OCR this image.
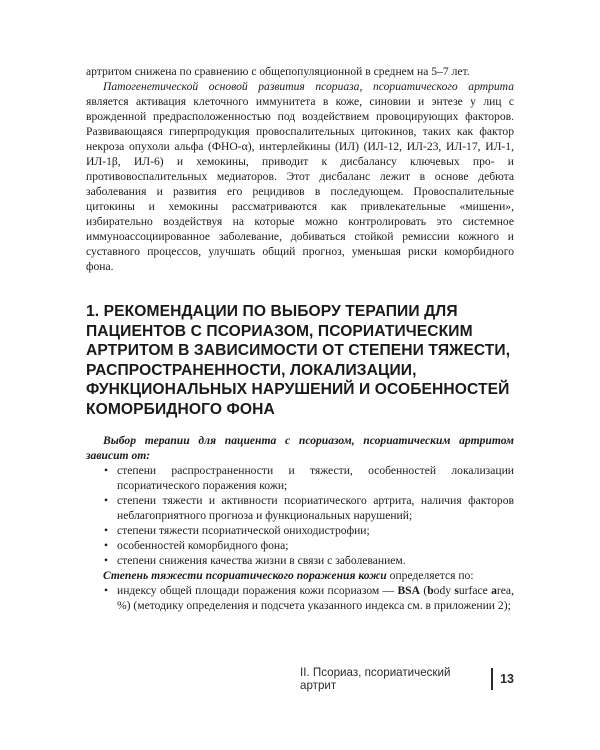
артритом снижена по сравнению с общепопуляционной в среднем на 5–7 лет.

Патогенетической основой развития псориаза, псориатического артрита является активация клеточного иммунитета в коже, синовии и энтезе у лиц с врожденной предрасположенностью под воздействием провоцирующих факторов. Развивающаяся гиперпродукция провоспалительных цитокинов, таких как фактор некроза опухоли альфа (ФНО-α), интерлейкины (ИЛ) (ИЛ-12, ИЛ-23, ИЛ-17, ИЛ-1, ИЛ-1β, ИЛ-6) и хемокины, приводит к дисбалансу ключевых про- и противовоспалительных медиаторов. Этот дисбаланс лежит в основе дебюта заболевания и развития его рецидивов в последующем. Провоспалительные цитокины и хемокины рассматриваются как привлекательные «мишени», избирательно воздействуя на которые можно контролировать это системное иммуноассоциированное заболевание, добиваться стойкой ремиссии кожного и суставного процессов, улучшать общий прогноз, уменьшая риски коморбидного фона.

1. РЕКОМЕНДАЦИИ ПО ВЫБОРУ ТЕРАПИИ ДЛЯ ПАЦИЕНТОВ С ПСОРИАЗОМ, ПСОРИАТИЧЕСКИМ АРТРИТОМ В ЗАВИСИМОСТИ ОТ СТЕПЕНИ ТЯЖЕСТИ, РАСПРОСТРАНЕННОСТИ, ЛОКАЛИЗАЦИИ, ФУНКЦИОНАЛЬНЫХ НАРУШЕНИЙ И ОСОБЕННОСТЕЙ КОМОРБИДНОГО ФОНА

Выбор терапии для пациента с псориазом, псориатическим артритом зависит от:

• степени распространенности и тяжести, особенностей локализации псориатического поражения кожи;
• степени тяжести и активности псориатического артрита, наличия факторов неблагоприятного прогноза и функциональных нарушений;
• степени тяжести псориатической ониходистрофии;
• особенностей коморбидного фона;
• степени снижения качества жизни в связи с заболеванием.

Степень тяжести псориатического поражения кожи определяется по:

• индексу общей площади поражения кожи псориазом — BSA (body surface area, %) (методику определения и подсчета указанного индекса см. в приложении 2);
II. Псориаз, псориатический артрит	13
